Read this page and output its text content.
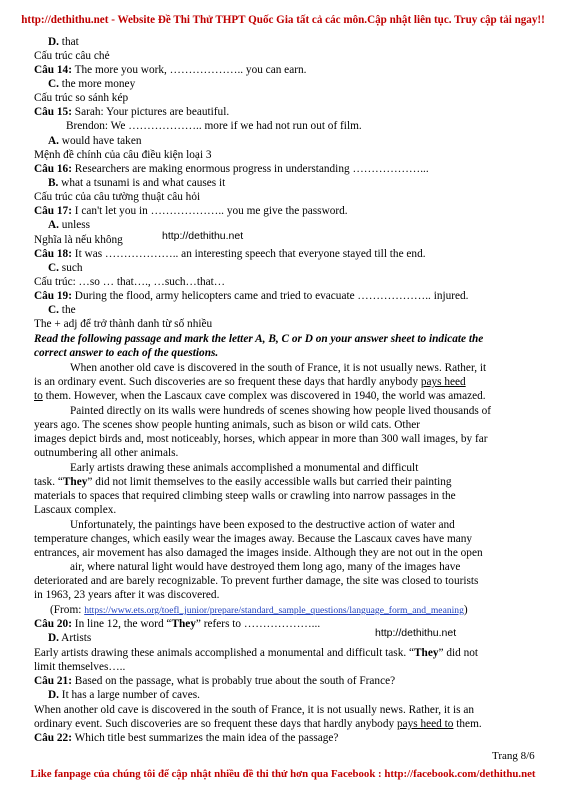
http://dethithu.net - Website Đề Thi Thử THPT Quốc Gia tất cả các môn.Cập nhật liên tục. Truy cập tải ngay!!
D. that
Cấu trúc câu chẻ
Câu 14: The more you work, ……………….. you can earn.
C. the more money
Cấu trúc so sánh kép
Câu 15: Sarah: Your pictures are beautiful.
Brendon: We ……………….. more if we had not run out of film.
A. would have taken
Mệnh đề chính của câu điều kiện loại 3
Câu 16: Researchers are making enormous progress in understanding ………………...
B. what a tsunami is and what causes it
Cấu trúc của câu tường thuật câu hỏi
Câu 17: I can't let you in ……………….. you me give the password.
A. unless
http://dethithu.net
Nghĩa là nếu không
Câu 18: It was ……………….. an interesting speech that everyone stayed till the end.
C. such
Cấu trúc: …so … that…., …such…that…
Câu 19: During the flood, army helicopters came and tried to evacuate ……………….. injured.
C. the
The + adj để trở thành danh từ số nhiều
Read the following passage and mark the letter A, B, C or D on your answer sheet to indicate the
correct answer to each of the questions.
When another old cave is discovered in the south of France, it is not usually news. Rather, it
is an ordinary event. Such discoveries are so frequent these days that hardly anybody pays heed
to them. However, when the Lascaux cave complex was discovered in 1940, the world was amazed.
Painted directly on its walls were hundreds of scenes showing how people lived thousands of
years ago. The scenes show people hunting animals, such as bison or wild cats. Other
images depict birds and, most noticeably, horses, which appear in more than 300 wall images, by far
outnumbering all other animals.
Early artists drawing these animals accomplished a monumental and difficult
task. “They” did not limit themselves to the easily accessible walls but carried their painting
materials to spaces that required climbing steep walls or crawling into narrow passages in the
Lascaux complex.
Unfortunately, the paintings have been exposed to the destructive action of water and
temperature changes, which easily wear the images away. Because the Lascaux caves have many
entrances, air movement has also damaged the images inside. Although they are not out in the open
air, where natural light would have destroyed them long ago, many of the images have
deteriorated and are barely recognizable. To prevent further damage, the site was closed to tourists
in 1963, 23 years after it was discovered.
(From: https://www.ets.org/toefl_junior/prepare/standard_sample_questions/language_form_and_meaning)
Câu 20: In line 12, the word “They” refers to ………………...
http://dethithu.net
D. Artists
Early artists drawing these animals accomplished a monumental and difficult task. “They” did not
limit themselves…..
Câu 21: Based on the passage, what is probably true about the south of France?
D. It has a large number of caves.
When another old cave is discovered in the south of France, it is not usually news. Rather, it is an
ordinary event. Such discoveries are so frequent these days that hardly anybody pays heed to them.
Câu 22: Which title best summarizes the main idea of the passage?
Trang 8/6
Like fanpage của chúng tôi để cập nhật nhiều đề thi thử hơn qua Facebook : http://facebook.com/dethithu.net
